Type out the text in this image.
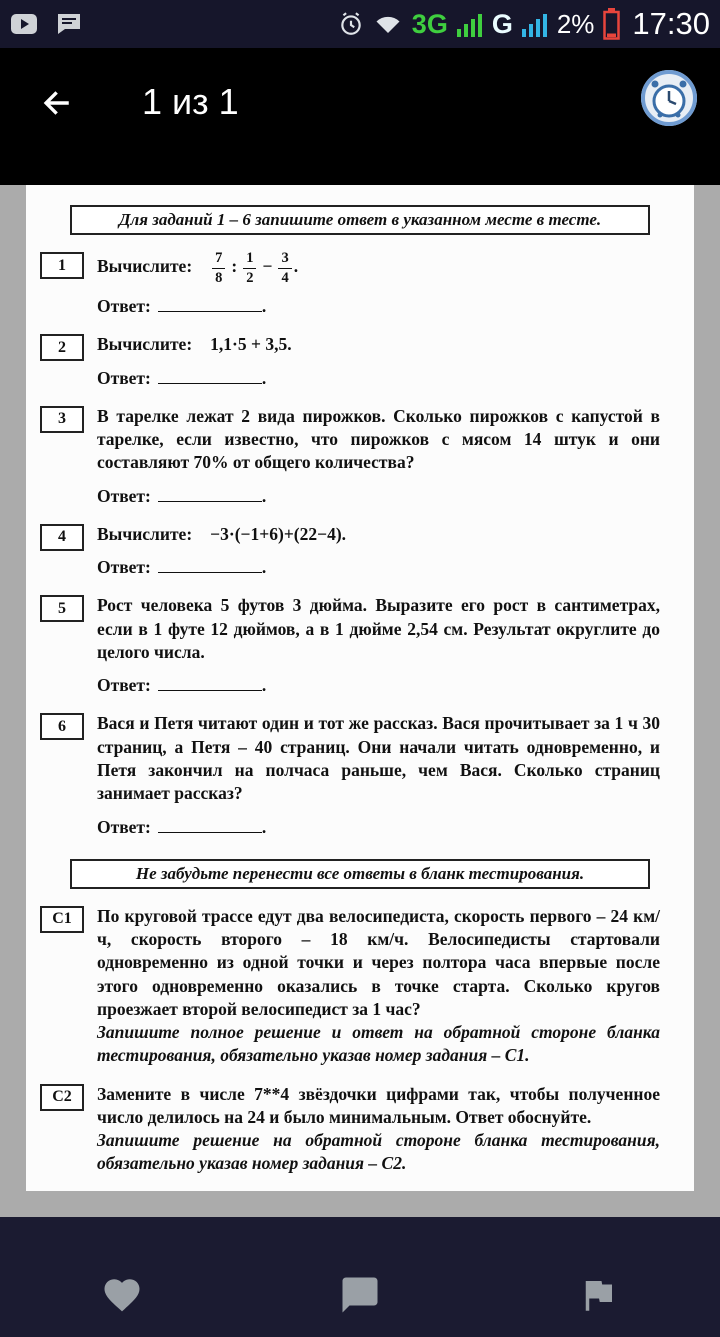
3G G 2% 17:30
1 из 1
Для заданий 1 – 6 запишите ответ в указанном месте в тесте.
1	Вычислите: $\frac{7}{8}$ : $\frac{1}{2} - \frac{3}{4}$ .
Ответ:	.
2	Вычислите: 1,1·5 + 3,5.
Ответ:	.
3	В тарелке лежат 2 вида пирожков. Сколько пирожков с капустой в тарелке, если известно, что пирожков с мясом 14 штук и они составляют 70% от общего количества?
Ответ:	.
4	Вычислите: −3·(−1+6)+(22−4).
Ответ:	.
5	Рост человека 5 футов 3 дюйма. Выразите его рост в сантиметрах, если в 1 футе 12 дюймов, а в 1 дюйме 2,54 см. Результат округлите до целого числа.
Ответ:	.
6	Вася и Петя читают один и тот же рассказ. Вася прочитывает за 1 ч 30 страниц, а Петя – 40 страниц. Они начали читать одновременно, и Петя закончил на полчаса раньше, чем Вася. Сколько страниц занимает рассказ?
Ответ:	.
Не забудьте перенести все ответы в бланк тестирования.
С1	По круговой трассе едут два велосипедиста, скорость первого – 24 км/ч, скорость второго – 18 км/ч. Велосипедисты стартовали одновременно из одной точки и через полтора часа впервые после этого одновременно оказались в точке старта. Сколько кругов проезжает второй велосипедист за 1 час?
Запишите полное решение и ответ на обратной стороне бланка тестирования, обязательно указав номер задания – С1.
С2	Замените в числе 7**4 звёздочки цифрами так, чтобы полученное число делилось на 24 и было минимальным. Ответ обоснуйте.
Запишите решение на обратной стороне бланка тестирования, обязательно указав номер задания – С2.
